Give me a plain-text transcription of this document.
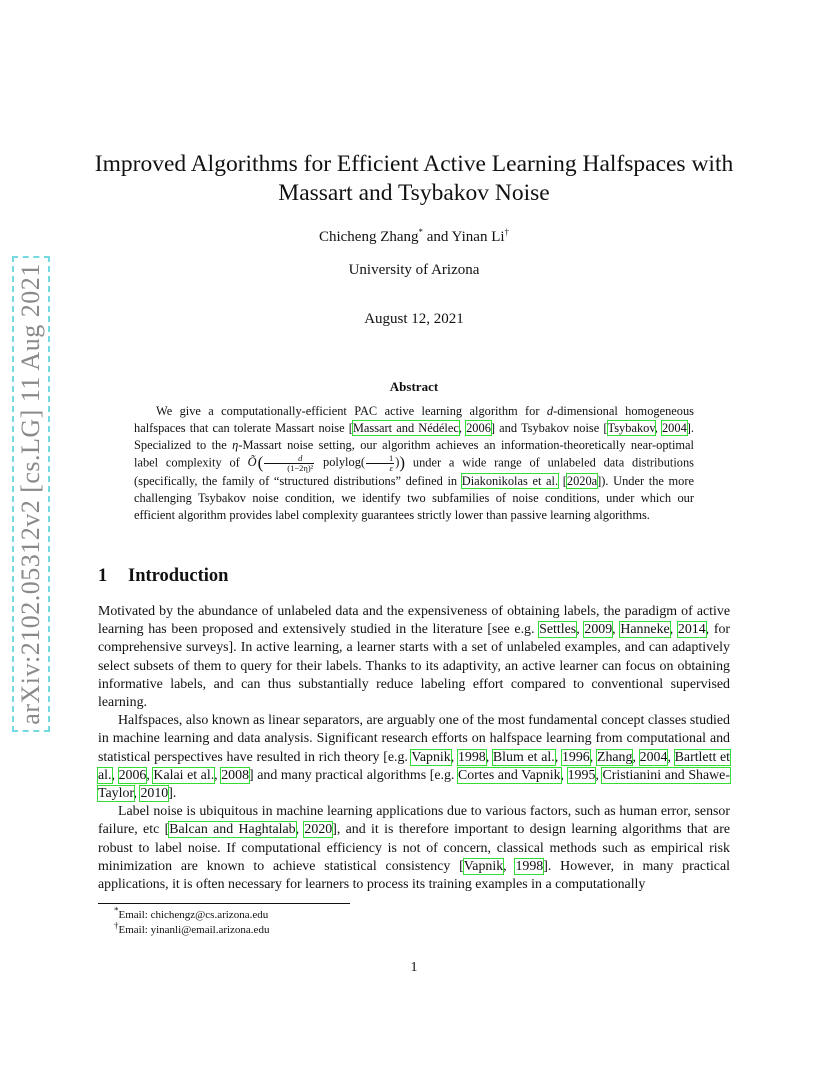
arXiv:2102.05312v2 [cs.LG] 11 Aug 2021
Improved Algorithms for Efficient Active Learning Halfspaces with
Massart and Tsybakov Noise
Chicheng Zhang* and Yinan Li†
University of Arizona
August 12, 2021
Abstract

We give a computationally-efficient PAC active learning algorithm for d-dimensional homogeneous halfspaces that can tolerate Massart noise [Massart and Nédélec, 2006] and Tsybakov noise [Tsybakov, 2004]. Specialized to the η-Massart noise setting, our algorithm achieves an information-theoretically near-optimal label complexity of Õ ( $\frac{d}{\text{(1−2η)²}}$ polylog( $\frac{1}{\varepsilon}$ )) under a wide range of unlabeled data distributions (specifically, the family of “structured distributions” defined in Diakonikolas et al. [2020a]). Under the more challenging Tsybakov noise condition, we identify two subfamilies of noise conditions, under which our efficient algorithm provides label complexity guarantees strictly lower than passive learning algorithms.

1 Introduction

Motivated by the abundance of unlabeled data and the expensiveness of obtaining labels, the paradigm of active learning has been proposed and extensively studied in the literature [see e.g. Settles, 2009, Hanneke, 2014, for comprehensive surveys]. In active learning, a learner starts with a set of unlabeled examples, and can adaptively select subsets of them to query for their labels. Thanks to its adaptivity, an active learner can focus on obtaining informative labels, and can thus substantially reduce labeling effort compared to conventional supervised learning.

Halfspaces, also known as linear separators, are arguably one of the most fundamental concept classes studied in machine learning and data analysis. Significant research efforts on halfspace learning from computational and statistical perspectives have resulted in rich theory [e.g. Vapnik, 1998, Blum et al., 1996, Zhang, 2004, Bartlett et al., 2006, Kalai et al., 2008] and many practical algorithms [e.g. Cortes and Vapnik, 1995, Cristianini and Shawe-Taylor, 2010].

Label noise is ubiquitous in machine learning applications due to various factors, such as human error, sensor failure, etc [Balcan and Haghtalab, 2020], and it is therefore important to design learning algorithms that are robust to label noise. If computational efficiency is not of concern, classical methods such as empirical risk minimization are known to achieve statistical consistency [Vapnik, 1998]. However, in many practical applications, it is often necessary for learners to process its training examples in a computationally

*Email: chichengz@cs.arizona.edu
†Email: yinanli@email.arizona.edu
1
